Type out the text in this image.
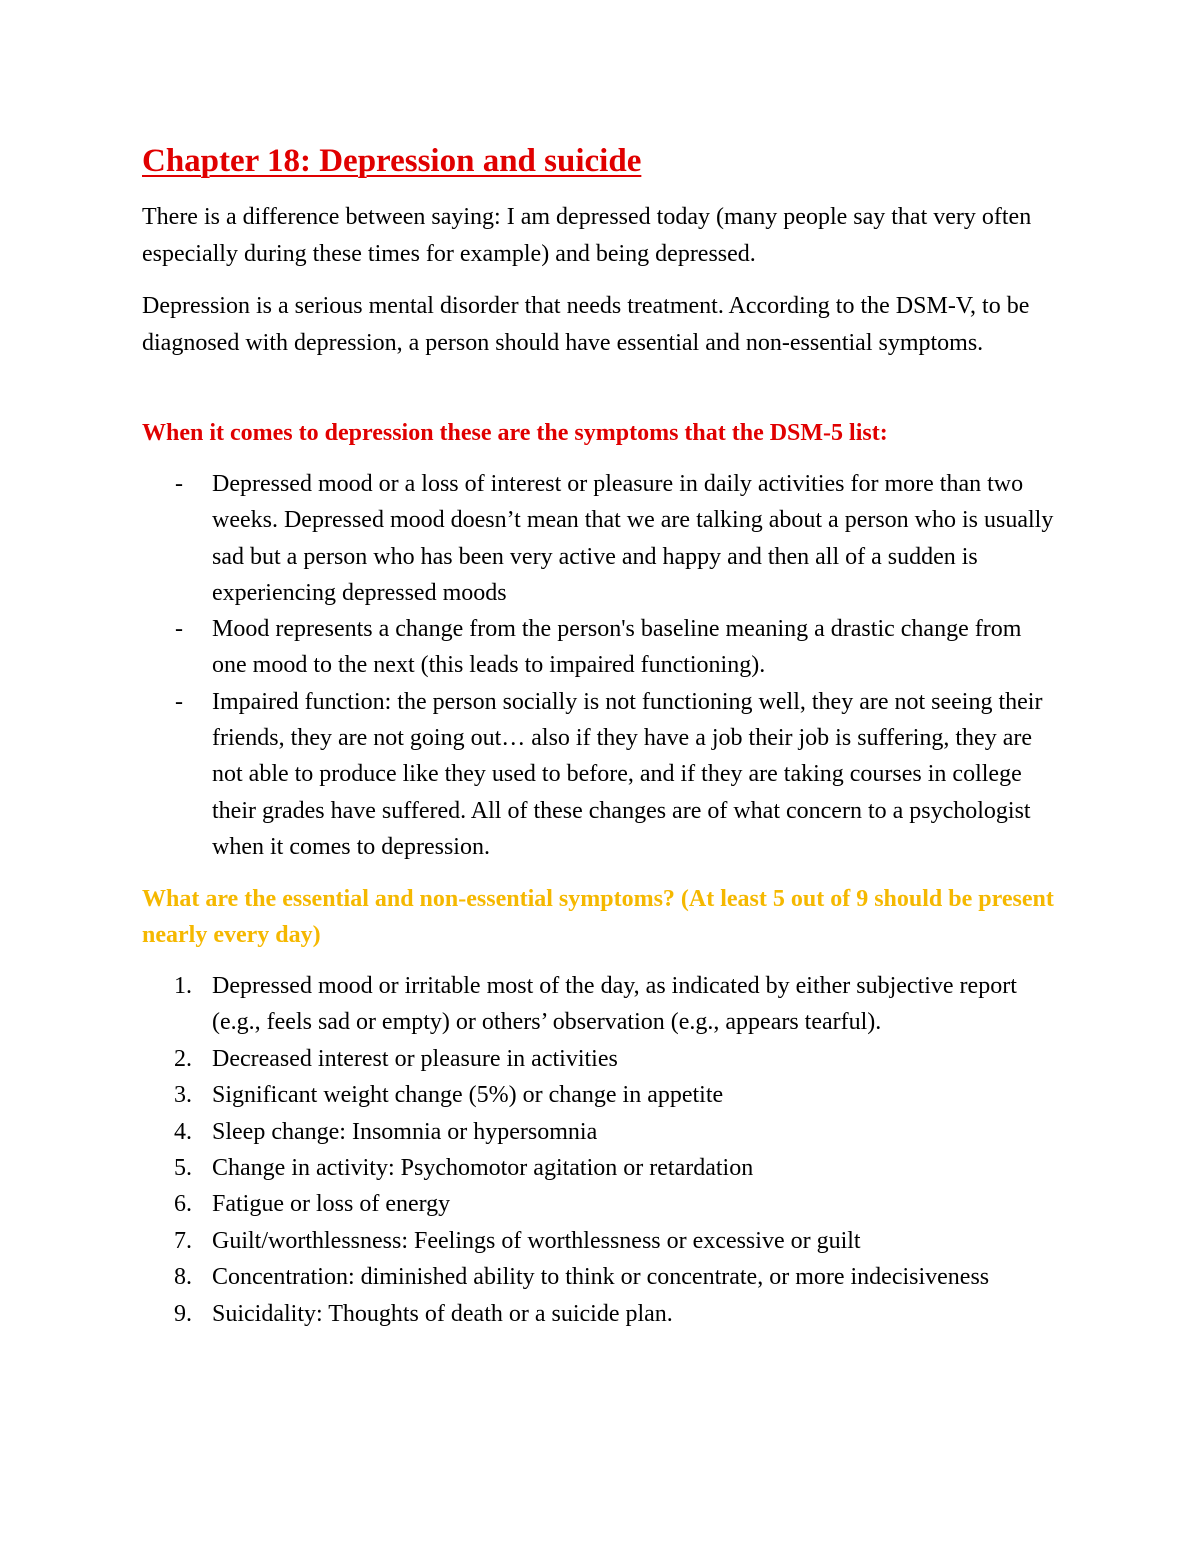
Chapter 18: Depression and suicide

There is a difference between saying: I am depressed today (many people say that very often especially during these times for example) and being depressed.

Depression is a serious mental disorder that needs treatment. According to the DSM-V, to be diagnosed with depression, a person should have essential and non-essential symptoms.

When it comes to depression these are the symptoms that the DSM-5 list:

- Depressed mood or a loss of interest or pleasure in daily activities for more than two weeks. Depressed mood doesn’t mean that we are talking about a person who is usually sad but a person who has been very active and happy and then all of a sudden is experiencing depressed moods
- Mood represents a change from the person's baseline meaning a drastic change from one mood to the next (this leads to impaired functioning).
- Impaired function: the person socially is not functioning well, they are not seeing their friends, they are not going out… also if they have a job their job is suffering, they are not able to produce like they used to before, and if they are taking courses in college their grades have suffered. All of these changes are of what concern to a psychologist when it comes to depression.

What are the essential and non-essential symptoms? (At least 5 out of 9 should be present nearly every day)

1. Depressed mood or irritable most of the day, as indicated by either subjective report (e.g., feels sad or empty) or others’ observation (e.g., appears tearful).
2. Decreased interest or pleasure in activities
3. Significant weight change (5%) or change in appetite
4. Sleep change: Insomnia or hypersomnia
5. Change in activity: Psychomotor agitation or retardation
6. Fatigue or loss of energy
7. Guilt/worthlessness: Feelings of worthlessness or excessive or guilt
8. Concentration: diminished ability to think or concentrate, or more indecisiveness
9. Suicidality: Thoughts of death or a suicide plan.
